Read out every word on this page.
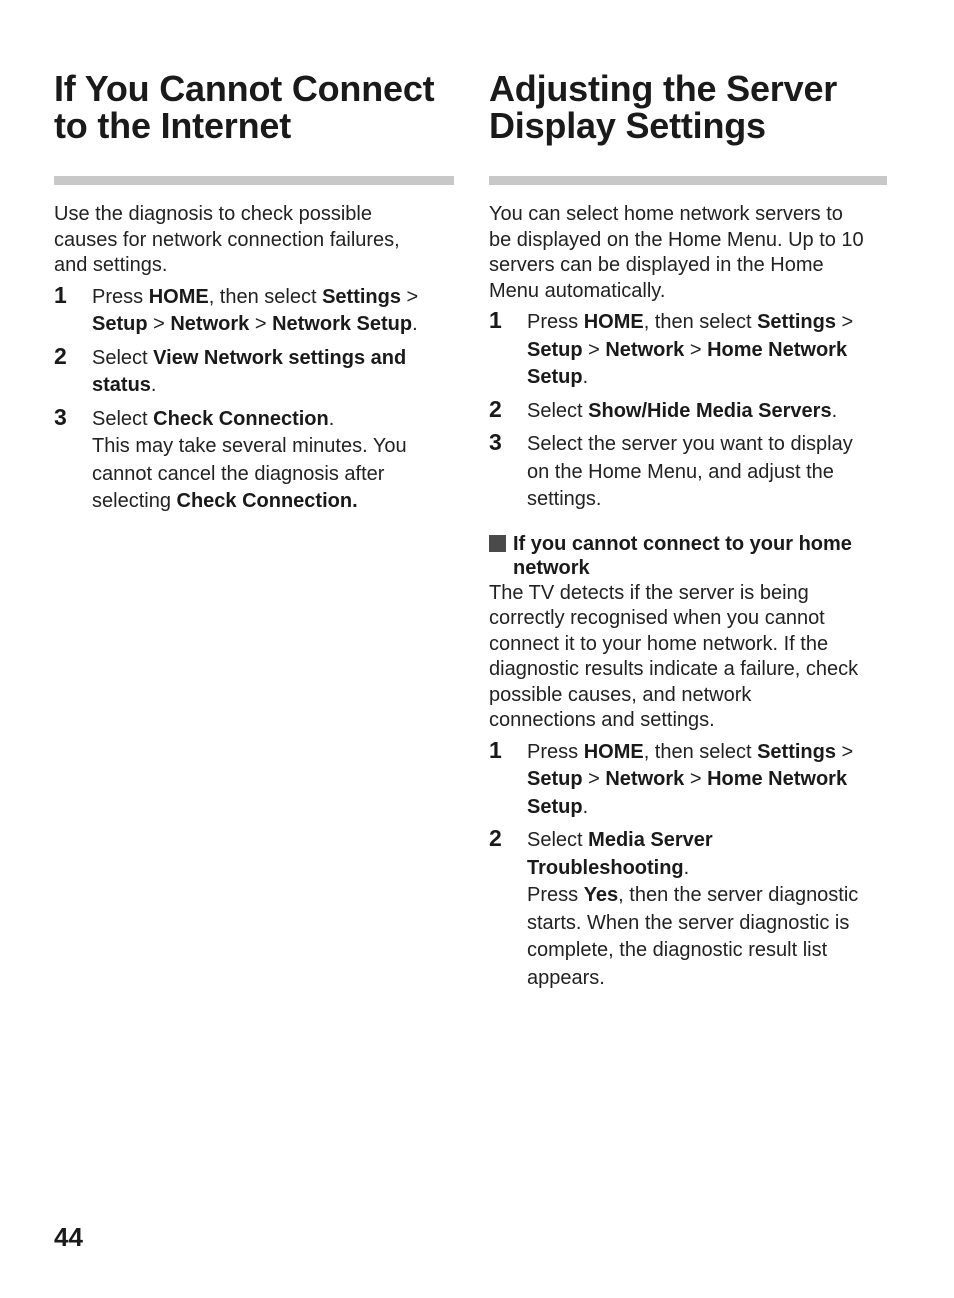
If You Cannot Connect
to the Internet
Use the diagnosis to check possible
causes for network connection failures,
and settings.
1 Press HOME, then select Settings >
Setup > Network > Network Setup.
2 Select View Network settings and
status.
3 Select Check Connection.
This may take several minutes. You
cannot cancel the diagnosis after
selecting Check Connection.
Adjusting the Server
Display Settings
You can select home network servers to
be displayed on the Home Menu. Up to 10
servers can be displayed in the Home
Menu automatically.
1 Press HOME, then select Settings >
Setup > Network > Home Network
Setup.
2 Select Show/Hide Media Servers.
3 Select the server you want to display
on the Home Menu, and adjust the
settings.
If you cannot connect to your home
network
The TV detects if the server is being
correctly recognised when you cannot
connect it to your home network. If the
diagnostic results indicate a failure, check
possible causes, and network
connections and settings.
1 Press HOME, then select Settings >
Setup > Network > Home Network
Setup.
2 Select Media Server
Troubleshooting.
Press Yes, then the server diagnostic
starts. When the server diagnostic is
complete, the diagnostic result list
appears.
44
